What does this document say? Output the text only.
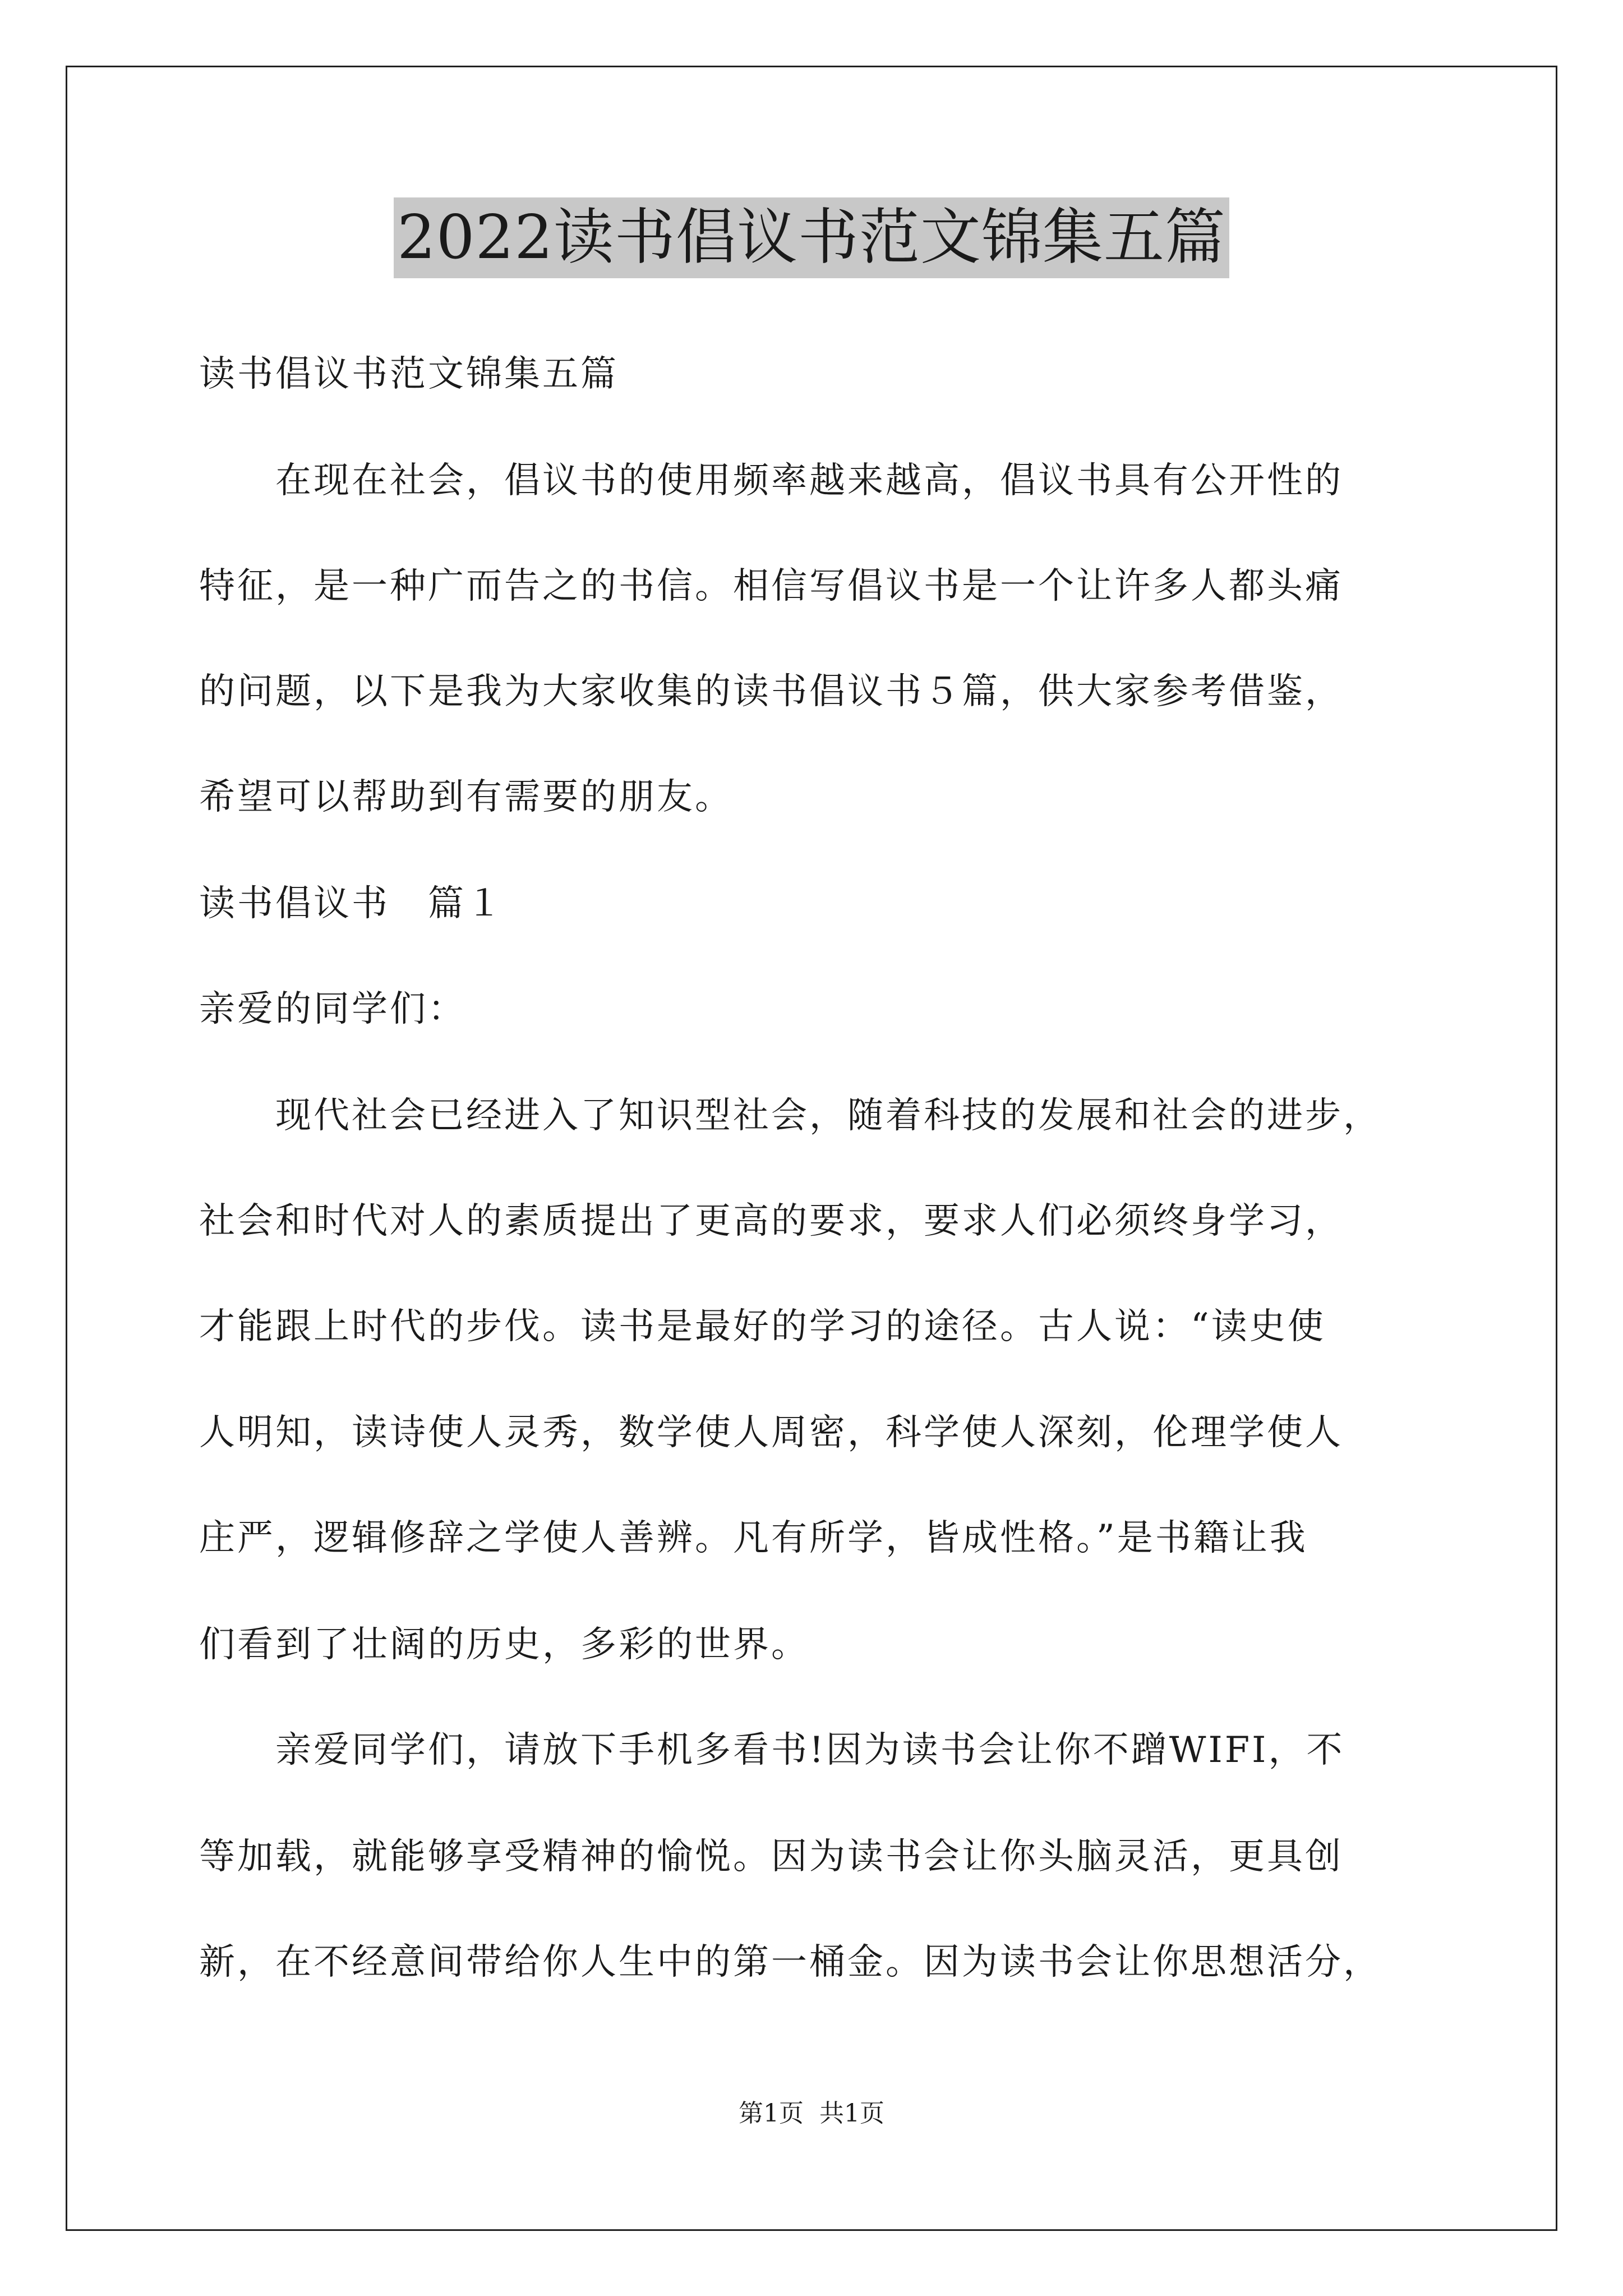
2022读书倡议书范文锦集五篇
读书倡议书范文锦集五篇
　　在现在社会，倡议书的使用频率越来越高，倡议书具有公开性的
特征，是一种广而告之的书信。相信写倡议书是一个让许多人都头痛
的问题，以下是我为大家收集的读书倡议书５篇，供大家参考借鉴，
希望可以帮助到有需要的朋友。
读书倡议书　篇１
亲爱的同学们：
　　现代社会已经进入了知识型社会，随着科技的发展和社会的进步，
社会和时代对人的素质提出了更高的要求，要求人们必须终身学习，
才能跟上时代的步伐。读书是最好的学习的途径。古人说：“读史使
人明知，读诗使人灵秀，数学使人周密，科学使人深刻，伦理学使人
庄严，逻辑修辞之学使人善辨。凡有所学，皆成性格。”是书籍让我
们看到了壮阔的历史，多彩的世界。
　　亲爱同学们，请放下手机多看书!因为读书会让你不蹭WIFI，不
等加载，就能够享受精神的愉悦。因为读书会让你头脑灵活，更具创
新，在不经意间带给你人生中的第一桶金。因为读书会让你思想活分，
第1页 共1页
